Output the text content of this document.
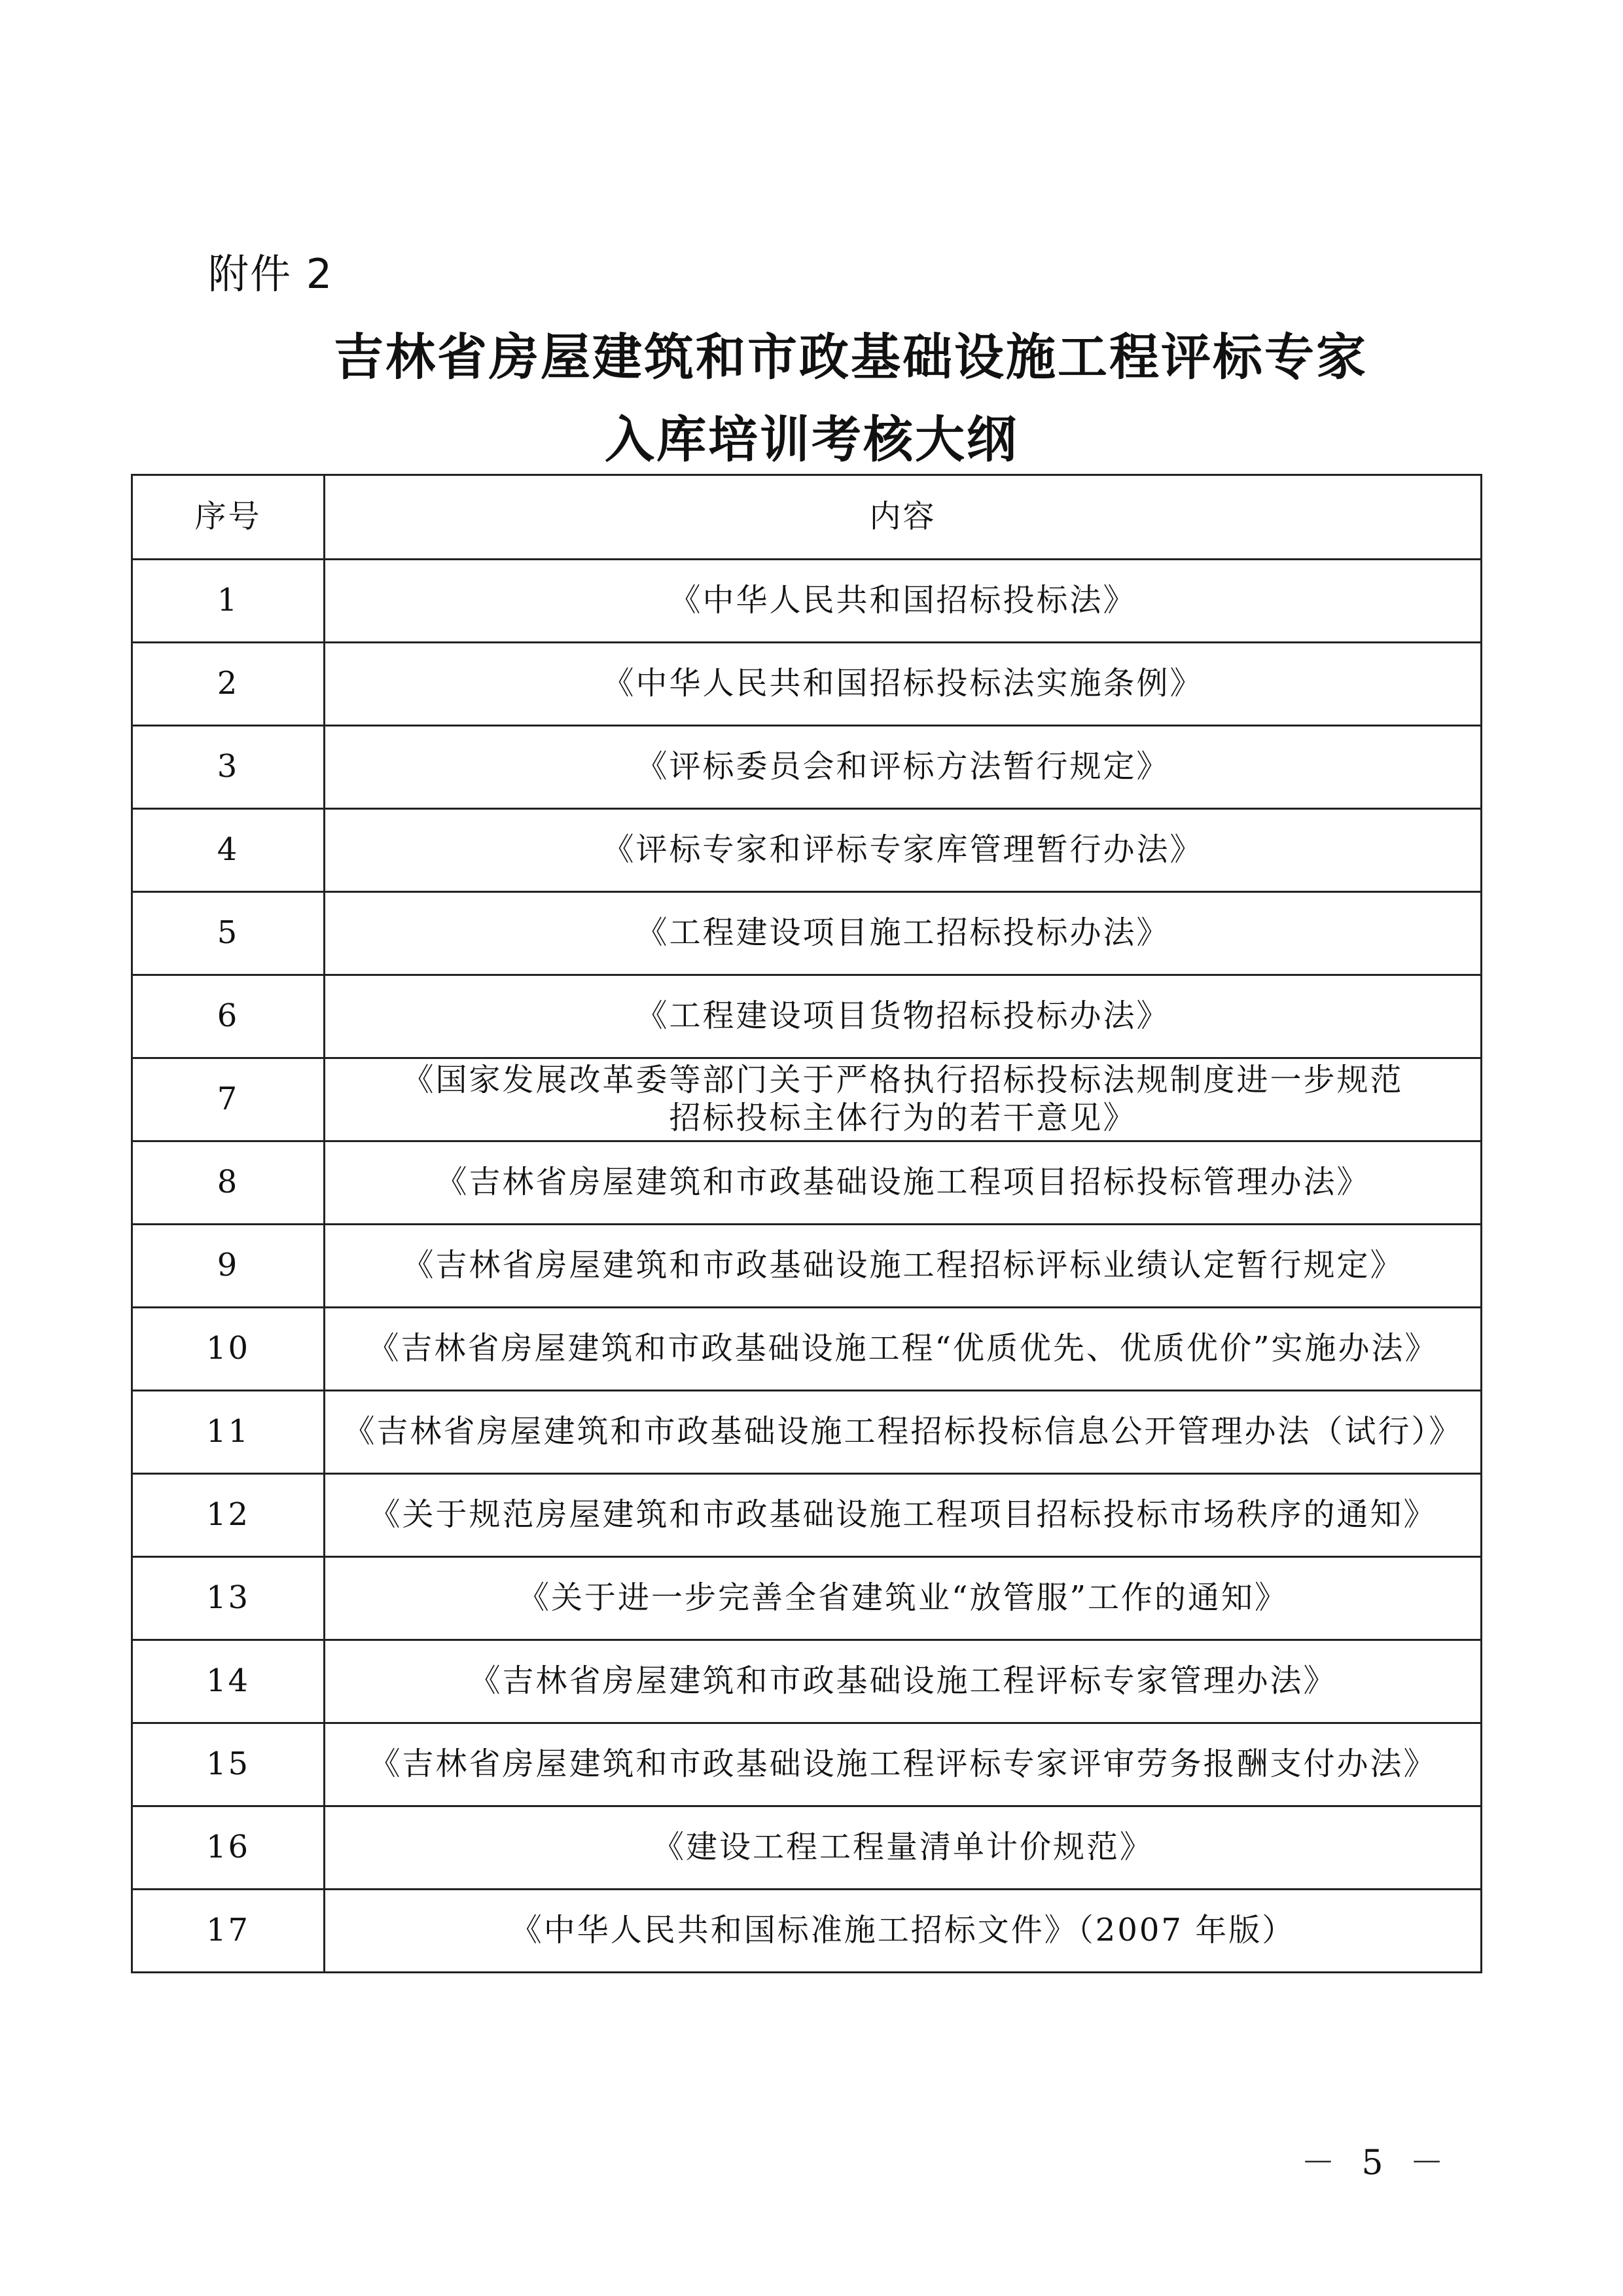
附件 2
吉林省房屋建筑和市政基础设施工程评标专家
入库培训考核大纲
序号	内容
1	《中华人民共和国招标投标法》
2	《中华人民共和国招标投标法实施条例》
3	《评标委员会和评标方法暂行规定》
4	《评标专家和评标专家库管理暂行办法》
5	《工程建设项目施工招标投标办法》
6	《工程建设项目货物招标投标办法》
7	《国家发展改革委等部门关于严格执行招标投标法规制度进一步规范
招标投标主体行为的若干意见》

8	《吉林省房屋建筑和市政基础设施工程项目招标投标管理办法》
9	《吉林省房屋建筑和市政基础设施工程招标评标业绩认定暂行规定》
10	《吉林省房屋建筑和市政基础设施工程“优质优先、优质优价”实施办法》
11	《吉林省房屋建筑和市政基础设施工程招标投标信息公开管理办法（试行）》
12	《关于规范房屋建筑和市政基础设施工程项目招标投标市场秩序的通知》
13	《关于进一步完善全省建筑业“放管服”工作的通知》
14	《吉林省房屋建筑和市政基础设施工程评标专家管理办法》
15	《吉林省房屋建筑和市政基础设施工程评标专家评审劳务报酬支付办法》
16	《建设工程工程量清单计价规范》
17	《中华人民共和国标准施工招标文件》（2007 年版）
－ 5 －
